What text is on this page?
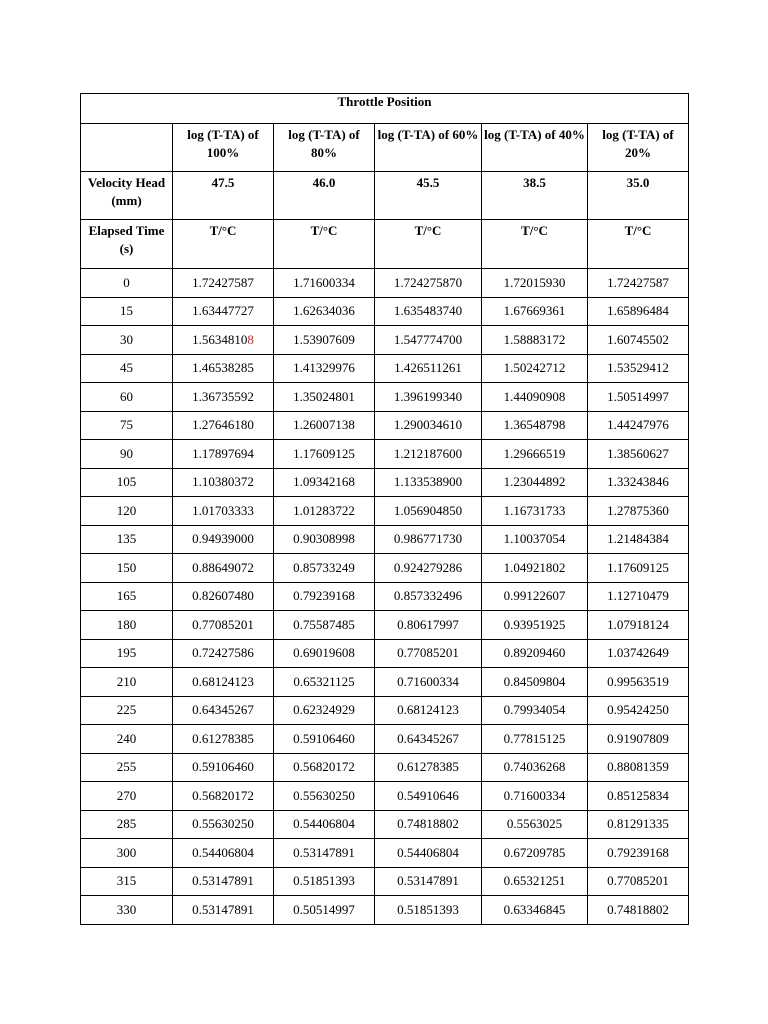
Throttle Position					
	log (T-TA) of 100%	log (T-TA) of 80%	log (T-TA) of 60%	log (T-TA) of 40%	log (T-TA) of 20%
Velocity Head (mm)	47.5	46.0	45.5	38.5	35.0
Elapsed Time (s)	T/°C	T/°C	T/°C	T/°C	T/°C
0	1.72427587	1.71600334	1.724275870	1.72015930	1.72427587
15	1.63447727	1.62634036	1.635483740	1.67669361	1.65896484
30	1.56348108	1.53907609	1.547774700	1.58883172	1.60745502
45	1.46538285	1.41329976	1.426511261	1.50242712	1.53529412
60	1.36735592	1.35024801	1.396199340	1.44090908	1.50514997
75	1.27646180	1.26007138	1.290034610	1.36548798	1.44247976
90	1.17897694	1.17609125	1.212187600	1.29666519	1.38560627
105	1.10380372	1.09342168	1.133538900	1.23044892	1.33243846
120	1.01703333	1.01283722	1.056904850	1.16731733	1.27875360
135	0.94939000	0.90308998	0.986771730	1.10037054	1.21484384
150	0.88649072	0.85733249	0.924279286	1.04921802	1.17609125
165	0.82607480	0.79239168	0.857332496	0.99122607	1.12710479
180	0.77085201	0.75587485	0.80617997	0.93951925	1.07918124
195	0.72427586	0.69019608	0.77085201	0.89209460	1.03742649
210	0.68124123	0.65321125	0.71600334	0.84509804	0.99563519
225	0.64345267	0.62324929	0.68124123	0.79934054	0.95424250
240	0.61278385	0.59106460	0.64345267	0.77815125	0.91907809
255	0.59106460	0.56820172	0.61278385	0.74036268	0.88081359
270	0.56820172	0.55630250	0.54910646	0.71600334	0.85125834
285	0.55630250	0.54406804	0.74818802	0.5563025	0.81291335
300	0.54406804	0.53147891	0.54406804	0.67209785	0.79239168
315	0.53147891	0.51851393	0.53147891	0.65321251	0.77085201
330	0.53147891	0.50514997	0.51851393	0.63346845	0.74818802
